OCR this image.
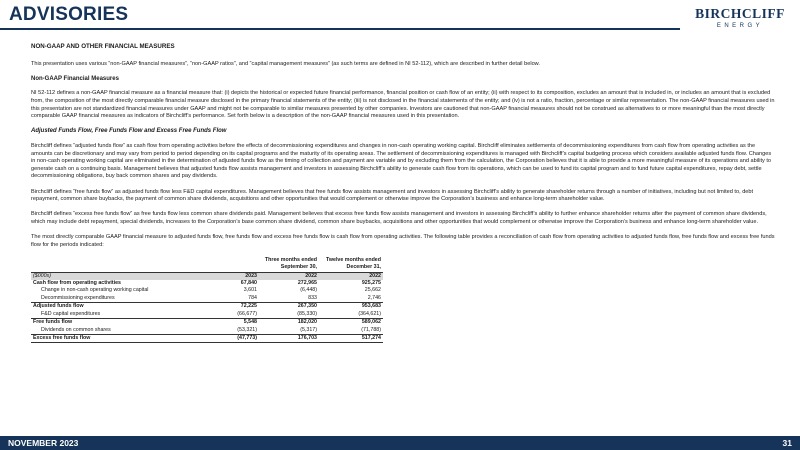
ADVISORIES	BIRCHCLIFF
ENERGY
NON-GAAP AND OTHER FINANCIAL MEASURES
This presentation uses various “non-GAAP financial measures”, “non-GAAP ratios”, and “capital management measures” (as such terms are defined in NI 52-112), which are described in further detail below.
Non-GAAP Financial Measures
NI 52-112 defines a non-GAAP financial measure as a financial measure that: (i) depicts the historical or expected future financial performance, financial position or cash flow of an entity; (ii) with respect to its composition, excludes an amount that is included in, or includes an amount that is excluded from, the composition of the most directly comparable financial measure disclosed in the primary financial statements of the entity; (iii) is not disclosed in the financial statements of the entity; and (iv) is not a ratio, fraction, percentage or similar representation. The non-GAAP financial measures used in this presentation are not standardized financial measures under GAAP and might not be comparable to similar measures presented by other companies. Investors are cautioned that non-GAAP financial measures should not be construed as alternatives to or more meaningful than the most directly comparable GAAP financial measures as indicators of Birchcliff’s performance. Set forth below is a description of the non-GAAP financial measures used in this presentation.
Adjusted Funds Flow, Free Funds Flow and Excess Free Funds Flow
Birchcliff defines “adjusted funds flow” as cash flow from operating activities before the effects of decommissioning expenditures and changes in non-cash operating working capital. Birchcliff eliminates settlements of decommissioning expenditures from cash flow from operating activities as the amounts can be discretionary and may vary from period to period depending on its capital programs and the maturity of its operating areas. The settlement of decommissioning expenditures is managed with Birchcliff’s capital budgeting process which considers available adjusted funds flow. Changes in non-cash operating working capital are eliminated in the determination of adjusted funds flow as the timing of collection and payment are variable and by excluding them from the calculation, the Corporation believes that it is able to provide a more meaningful measure of its operations and ability to generate cash on a continuing basis. Management believes that adjusted funds flow assists management and investors in assessing Birchcliff’s ability to generate cash flow from its operations, which can be used to fund its capital program and to fund future capital expenditures, repay debt, settle decommissioning obligations, buy back common shares and pay dividends.
Birchcliff defines “free funds flow” as adjusted funds flow less F&D capital expenditures. Management believes that free funds flow assists management and investors in assessing Birchcliff’s ability to generate shareholder returns through a number of initiatives, including but not limited to, debt repayment, common share buybacks, the payment of common share dividends, acquisitions and other opportunities that would complement or otherwise improve the Corporation’s business and enhance long-term shareholder value.
Birchcliff defines “excess free funds flow” as free funds flow less common share dividends paid. Management believes that excess free funds flow assists management and investors in assessing Birchcliff’s ability to further enhance shareholder returns after the payment of common share dividends, which may include debt repayment, special dividends, increases to the Corporation’s base common share dividend, common share buybacks, acquisitions and other opportunities that would complement or otherwise improve the Corporation’s business and enhance long-term shareholder value.
The most directly comparable GAAP financial measure to adjusted funds flow, free funds flow and excess free funds flow is cash flow from operating activities. The following table provides a reconciliation of cash flow from operating activities to adjusted funds flow, free funds flow and excess free funds flow for the periods indicated:
	Three months ended		Twelve months ended
	September 30,		December 31,
($000s)	2023	2022	2022
Cash flow from operating activities	67,840	272,965	925,275
Change in non-cash operating working capital	3,601	(6,448)	25,662
Decommissioning expenditures	784	833	2,746
Adjusted funds flow	72,225	267,350	953,683
F&D capital expenditures	(66,677)	(85,330)	(364,621)
Free funds flow	5,548	182,020	589,062
Dividends on common shares	(53,321)	(5,317)	(71,788)
Excess free funds flow	(47,773)	176,703	517,274
NOVEMBER 2023	31
